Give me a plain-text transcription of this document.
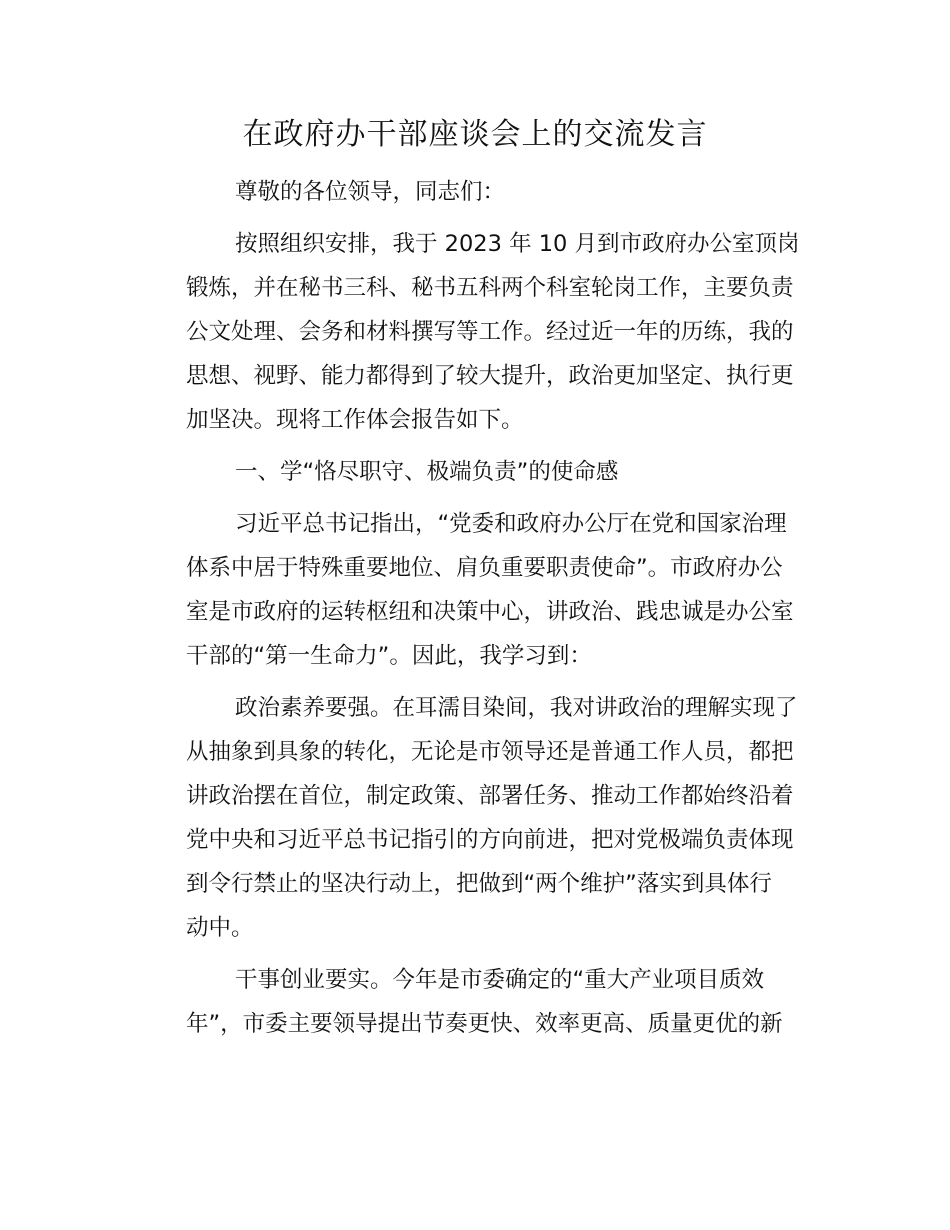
在政府办干部座谈会上的交流发言
尊敬的各位领导，同志们：
按照组织安排，我于 2023 年 10 月到市政府办公室顶岗
锻炼，并在秘书三科、秘书五科两个科室轮岗工作，主要负责
公文处理、会务和材料撰写等工作。经过近一年的历练，我的
思想、视野、能力都得到了较大提升，政治更加坚定、执行更
加坚决。现将工作体会报告如下。
一、学“恪尽职守、极端负责”的使命感
习近平总书记指出，“党委和政府办公厅在党和国家治理
体系中居于特殊重要地位、肩负重要职责使命”。市政府办公
室是市政府的运转枢纽和决策中心，讲政治、践忠诚是办公室
干部的“第一生命力”。因此，我学习到：
政治素养要强。在耳濡目染间，我对讲政治的理解实现了
从抽象到具象的转化，无论是市领导还是普通工作人员，都把
讲政治摆在首位，制定政策、部署任务、推动工作都始终沿着
党中央和习近平总书记指引的方向前进，把对党极端负责体现
到令行禁止的坚决行动上，把做到“两个维护”落实到具体行
动中。
干事创业要实。今年是市委确定的“重大产业项目质效
年”，市委主要领导提出节奏更快、效率更高、质量更优的新
